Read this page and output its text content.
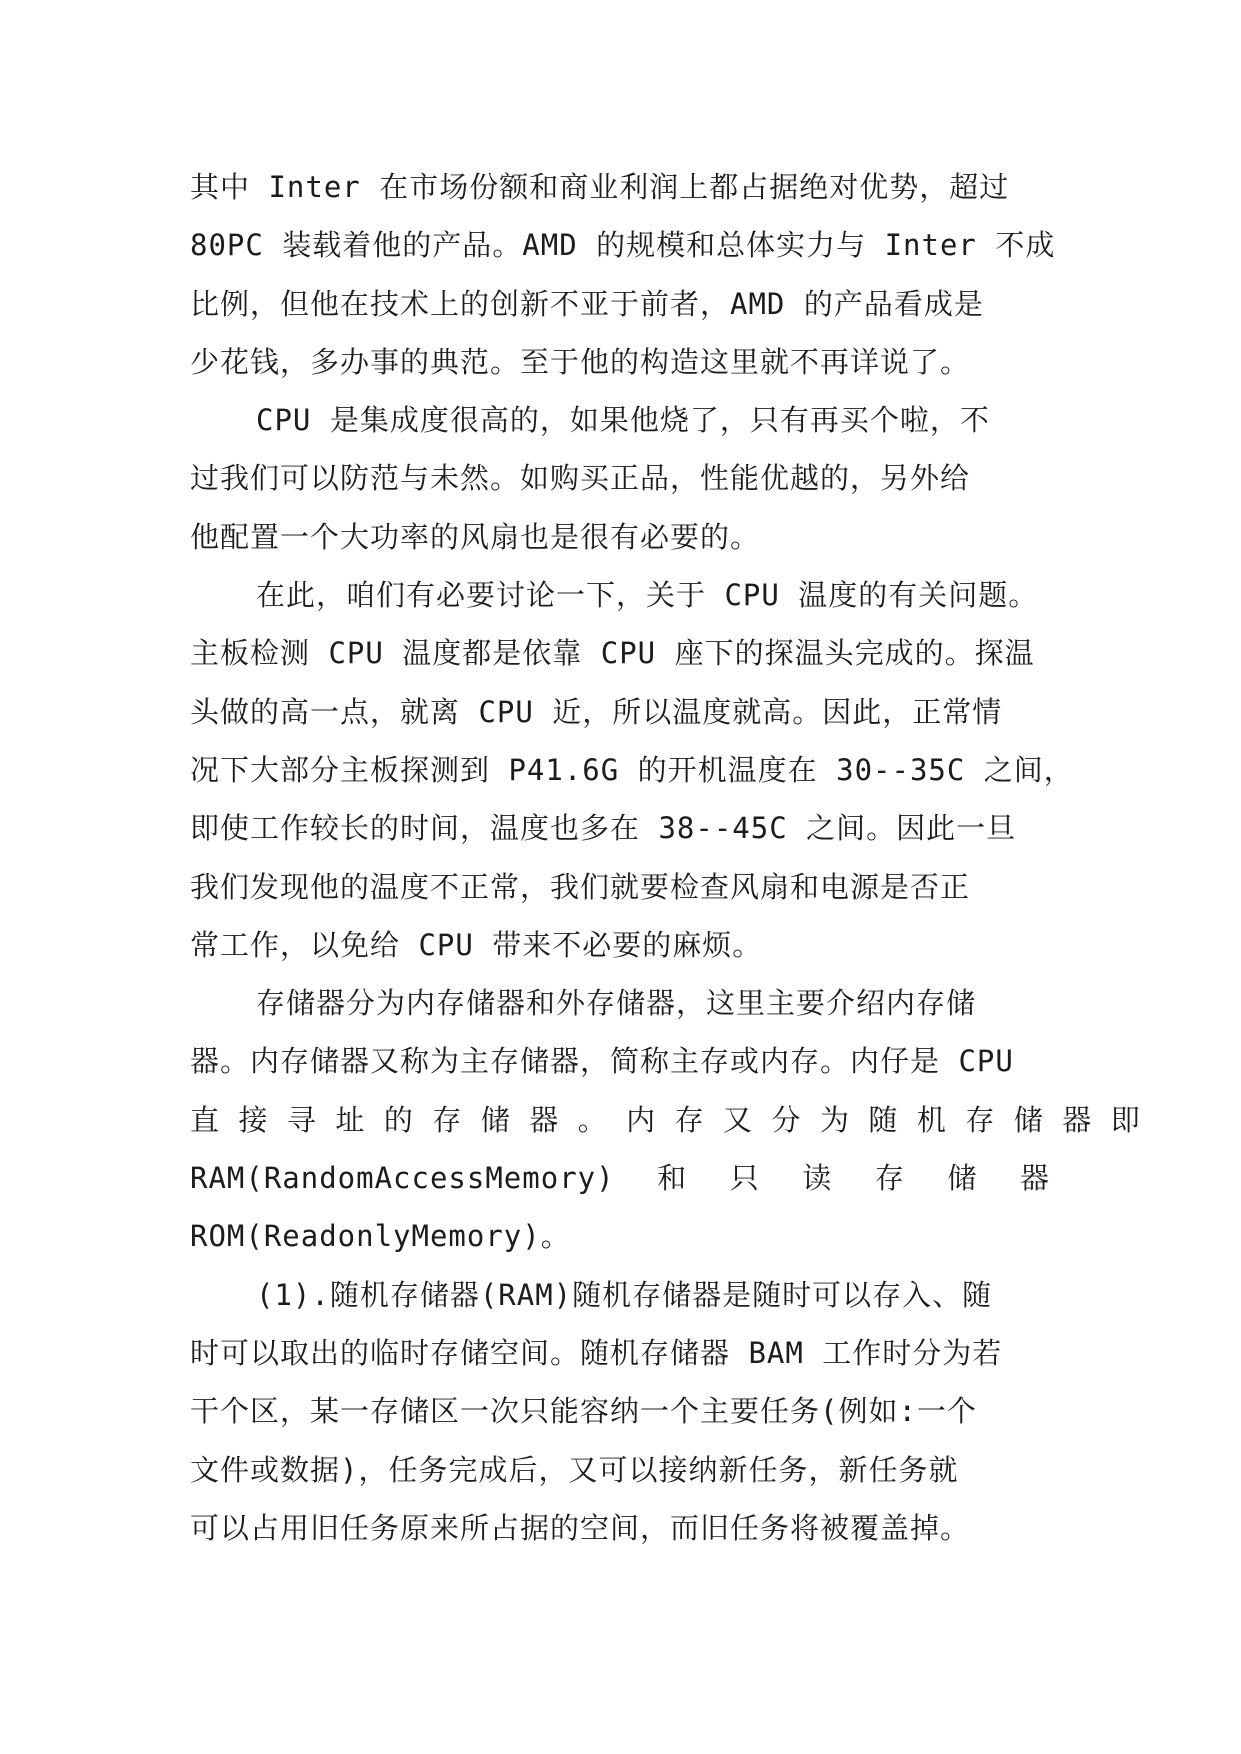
其中 Inter 在市场份额和商业利润上都占据绝对优势，超过
80PC 装载着他的产品。AMD 的规模和总体实力与 Inter 不成
比例，但他在技术上的创新不亚于前者，AMD 的产品看成是
少花钱，多办事的典范。至于他的构造这里就不再详说了。
CPU 是集成度很高的，如果他烧了，只有再买个啦，不
过我们可以防范与未然。如购买正品，性能优越的，另外给
他配置一个大功率的风扇也是很有必要的。
在此，咱们有必要讨论一下，关于 CPU 温度的有关问题。
主板检测 CPU 温度都是依靠 CPU 座下的探温头完成的。探温
头做的高一点，就离 CPU 近，所以温度就高。因此，正常情
况下大部分主板探测到 P41.6G 的开机温度在 30--35C 之间，
即使工作较长的时间，温度也多在 38--45C 之间。因此一旦
我们发现他的温度不正常，我们就要检查风扇和电源是否正
常工作，以免给 CPU 带来不必要的麻烦。
存储器分为内存储器和外存储器，这里主要介绍内存储
器。内存储器又称为主存储器，简称主存或内存。内仔是 CPU
直 接 寻 址 的 存 储 器 。 内 存 又 分 为 随 机 存 储 器 即
RAM(RandomAccessMemory) 和 只 读 存 储 器
ROM(ReadonlyMemory)。
(1).随机存储器(RAM)随机存储器是随时可以存入、随
时可以取出的临时存储空间。随机存储器 BAM 工作时分为若
干个区，某一存储区一次只能容纳一个主要任务(例如:一个
文件或数据)，任务完成后，又可以接纳新任务，新任务就
可以占用旧任务原来所占据的空间，而旧任务将被覆盖掉。
